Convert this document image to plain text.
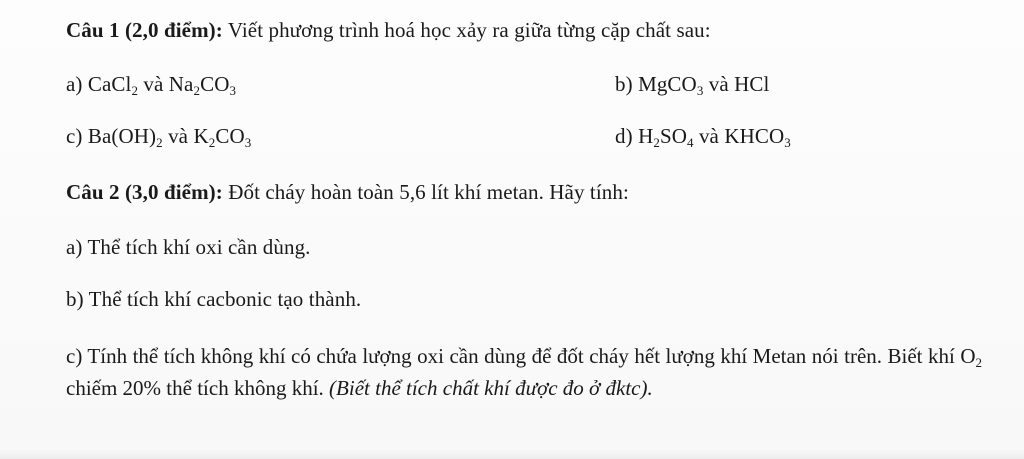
Câu 1 (2,0 điểm): Viết phương trình hoá học xảy ra giữa từng cặp chất sau:
a) CaCl$_2$ và $Na_2CO_3$	b) MgCO$_3$ và HCl
c) $Ba(OH)_2$ và $K_2CO_3$	d) $H_2SO_4$ và $KHCO_3$
Câu 2 (3,0 điểm): Đốt cháy hoàn toàn 5,6 lít khí metan. Hãy tính:
a) Thể tích khí oxi cần dùng.
b) Thể tích khí cacbonic tạo thành.
c) Tính thể tích không khí có chứa lượng oxi cần dùng để đốt cháy hết lượng khí Metan nói trên. Biết khí $O_2$ chiếm 20% thể tích không khí. (Biết thể tích chất khí được đo ở đktc).
